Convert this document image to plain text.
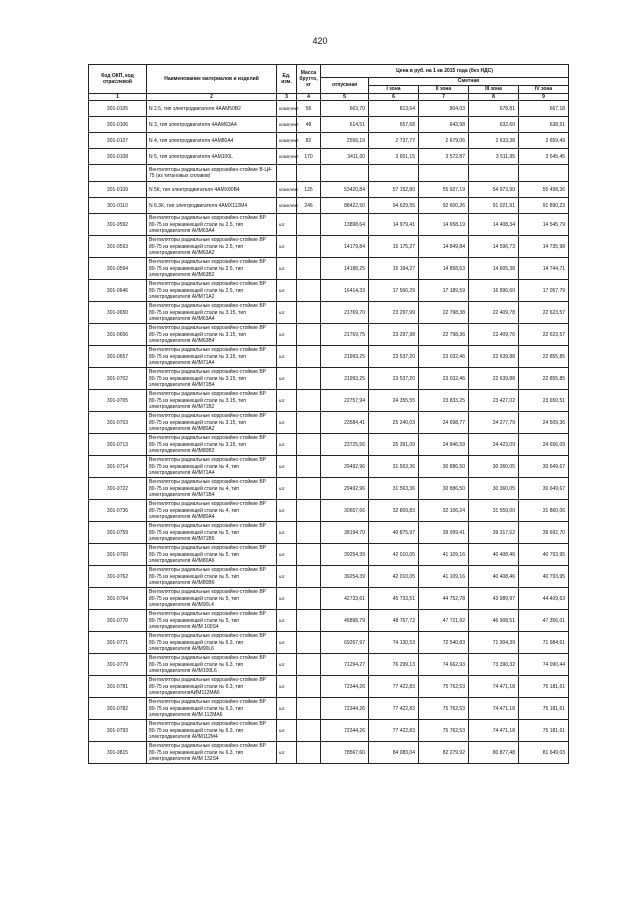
420
Код ОКП, код отраслевой	Наименование материалов и изделий	Ед. изм.	Масса брутто, кг	Цена в руб. на 1 кв 2015 года (без НДС)				
				отпускная	Сметная			
					I зона	II зона	III зона	IV зона
1	2	3	4	5	6	7	8	9
301-0105	N 2.5, тип электродвигателя 4ААМ50В2	комплект	56	663,70	813,64	804,03	678,81	667,18
301-0106	N 3, тип электродвигателя 4ААМ63А4	комплект	48	614,51	657,68	643,98	632,60	638,51
301-0107	N 4, тип электродвигателя 4АМ80А4	комплект	82	2556,19	2 737,77	2 679,06	2 633,38	2 659,49
301-0108	N 5, тип электродвигателя 4АМ100L	комплект	170	3411,00	3 651,15	3 572,87	3 511,95	3 545,45
	Вентиляторы радиальные коррозийно-стойкие В-Ц4-75 (из титановых сплавов)							
301-0109	N 5К, тип электродвигателя 4АМХ80В4	комплект	125	53420,84	57 152,80	55 927,19	54 973,90	55 498,36
301-0110	N 6.3К, тип электродвигателя 4АМХ112М4	комплект	246	88422,50	94 629,55	92 600,26	91 021,91	91 890,23
301-0592	Вентиляторы радиальные коррозийно-стойкие ВР 80-75 из нержавеющей стали № 2.5, тип электродвигателя АИМ63А4	шт.		13898,64	14 979,41	14 658,19	14 408,34	14 545,79
301-0593	Вентиляторы радиальные коррозийно-стойкие ВР 80-75 из нержавеющей стали № 2.5, тип электродвигателя АИМ63А2	шт.		14179,84	15 175,27	14 849,84	14 596,73	14 735,98
301-0594	Вентиляторы радиальные коррозийно-стойкие ВР 80-75 из нержавеющей стали № 2.5, тип электродвигателя АИМ63В2	шт.		14188,25	15 184,27	14 858,63	14 605,38	14 744,71
301-0646	Вентиляторы радиальные коррозийно-стойкие ВР 80-75 из нержавеющей стали № 2.5, тип электродвигателя АИМ71А2	шт.		16414,33	17 566,29	17 189,59	16 896,60	17 057,79
301-0650	Вентиляторы радиальные коррозийно-стойкие ВР 80-75 из нержавеющей стали № 3.15, тип электродвигателя АИМ63А4	шт.		21769,70	23 297,99	22 798,38	22 409,78	22 623,57
301-0656	Вентиляторы радиальные коррозийно-стойкие ВР 80-75 из нержавеющей стали № 3.15, тип электродвигателя АИМ63В4	шт.		21769,75	23 297,98	22 798,36	22 409,76	22 623,57
301-0657	Вентиляторы радиальные коррозийно-стойкие ВР 80-75 из нержавеющей стали № 3.15, тип электродвигателя АИМ71А4	шт.		21993,25	23 537,20	23 032,46	22 639,88	22 855,85
301-0702	Вентиляторы радиальные коррозийно-стойкие ВР 80-75 из нержавеющей стали № 3.15, тип электродвигателя АИМ71В4	шт.		21993,25	23 537,20	23 032,46	22 639,88	22 855,85
301-0705	Вентиляторы радиальные коррозийно-стойкие ВР 80-75 из нержавеющей стали № 3.15, тип электродвигателя АИМ71В2	шт.		22757,94	24 355,55	23 833,25	23 427,02	23 650,51
301-0703	Вентиляторы радиальные коррозийно-стойкие ВР 80-75 из нержавеющей стали № 3.15, тип электродвигателя АИМ80А2	шт.		23584,41	25 240,03	24 698,77	24 277,79	24 509,36
301-0713	Вентиляторы радиальные коррозийно-стойкие ВР 80-75 из нержавеющей стали № 3.15, тип электродвигателя АИМ80В2	шт.		23725,56	25 391,09	24 846,59	24 423,09	24 656,09
301-0714	Вентиляторы радиальные коррозийно-стойкие ВР 80-75 из нержавеющей стали № 4, тип электродвигателя АИМ71А4	шт.		29492,96	31 563,36	30 886,50	30 360,05	30 649,67
301-0722	Вентиляторы радиальные коррозийно-стойкие ВР 80-75 из нержавеющей стали № 4, тип электродвигателя АИМ71В4	шт.		29492,96	31 563,36	30 886,50	30 360,05	30 649,67
301-0736	Вентиляторы радиальные коррозийно-стойкие ВР 80-75 из нержавеющей стали № 4, тип электродвигателя АИМ80А4	шт.		30657,66	32 809,83	32 106,24	31 559,00	31 860,06
301-0759	Вентиляторы радиальные коррозийно-стойкие ВР 80-75 из нержавеющей стали № 5, тип электродвигателя АИМ71В6	шт.		38194,70	40 875,97	39 999,41	39 317,62	39 692,70
301-0760	Вентиляторы радиальные коррозийно-стойкие ВР 80-75 из нержавеющей стали № 5, тип электродвигателя АИМ80А6	шт.		39254,39	42 010,05	41 109,16	40 408,46	40 793,95
301-0762	Вентиляторы радиальные коррозийно-стойкие ВР 80-75 из нержавеющей стали № 5, тип электродвигателя АИМ80В6	шт.		39254,39	42 010,05	41 109,16	40 408,46	40 793,95
301-0764	Вентиляторы радиальные коррозийно-стойкие ВР 80-75 из нержавеющей стали № 5, тип электродвигателя АИМ90L4	шт.		42733,61	45 733,51	44 752,78	43 989,97	44 409,63
301-0770	Вентиляторы радиальные коррозийно-стойкие ВР 80-75 из нержавеющей стали № 5, тип электродвигателя АИМ 100S4	шт.		45898,79	48 767,72	47 721,92	46 908,51	47 356,01
301-0771	Вентиляторы радиальные коррозийно-стойкие ВР 80-75 из нержавеющей стали № 6.3, тип электродвигателя АИМ90L6	шт.		69267,97	74 130,53	72 540,83	71 304,39	71 984,61
301-0779	Вентиляторы радиальные коррозийно-стойкие ВР 80-75 из нержавеющей стали № 6.3, тип электродвигателя АИМ100L6	шт.		71294,27	76 299,13	74 662,93	73 390,32	74 090,44
301-0781	Вентиляторы радиальные коррозийно-стойкие ВР 80-75 из нержавеющей стали № 6.3, тип электродвигателяАИМ112МА6	шт.		72344,26	77 422,83	75 762,53	74 471,18	75 181,61
301-0782	Вентиляторы радиальные коррозийно-стойкие ВР 80-75 из нержавеющей стали № 6.3, тип электродвигателя АИМ 112МА6	шт.		72344,26	77 422,83	75 762,53	74 471,18	75 181,61
301-0793	Вентиляторы радиальные коррозийно-стойкие ВР 80-75 из нержавеющей стали № 6.3, тип электродвигателя АИМ112М4	шт.		72344,26	77 422,83	75 762,53	74 471,18	75 181,61
301-0815	Вентиляторы радиальные коррозийно-стойкие ВР 80-75 из нержавеющей стали № 6.3, тип электродвигателя АИМ 132S4	шт.		78567,60	84 083,04	82 279,92	80 877,48	81 649,03
